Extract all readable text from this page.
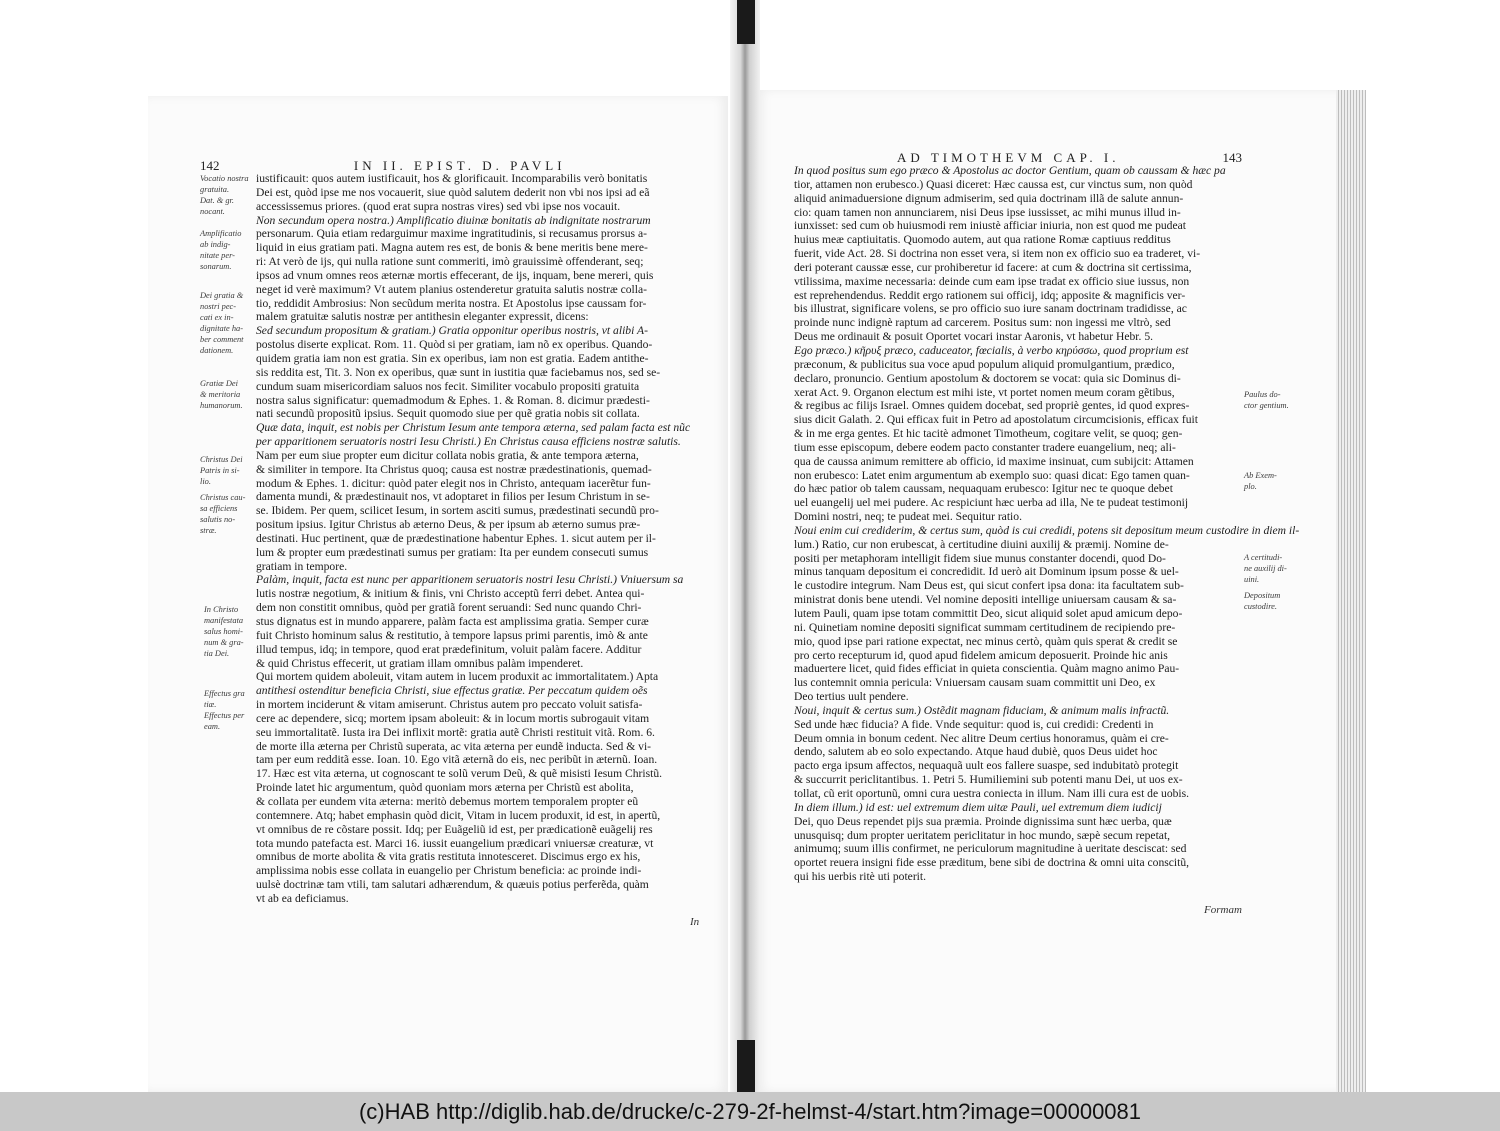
142	IN II. EPIST. D. PAVLI
AD TIMOTHEVM CAP. I.	143
iustificauit: quos autem iustificauit, hos & glorificauit. Incomparabilis verò bonitatis
Dei est, quòd ipse me nos vocauerit, siue quòd salutem dederit non vbi nos ipsi ad eã
accessissemus priores. (quod erat supra nostras vires) sed vbi ipse nos vocauit.
Non secundum opera nostra.) Amplificatio diuinæ bonitatis ab indignitate nostrarum
personarum. Quia etiam redarguimur maxime ingratitudinis, si recusamus prorsus a-
liquid in eius gratiam pati. Magna autem res est, de bonis & bene meritis bene mere-
ri: At verò de ijs, qui nulla ratione sunt commeriti, imò grauissimè offenderant, seq;
ipsos ad vnum omnes reos æternæ mortis effecerant, de ijs, inquam, bene mereri, quis
neget id verè maximum? Vt autem planius ostenderetur gratuita salutis nostræ colla-
tio, reddidit Ambrosius: Non secũdum merita nostra. Et Apostolus ipse caussam for-
malem gratuitæ salutis nostræ per antithesin eleganter expressit, dicens:
Sed secundum propositum & gratiam.) Gratia opponitur operibus nostris, vt alibi A-
postolus diserte explicat. Rom. 11. Quòd si per gratiam, iam nõ ex operibus. Quando-
quidem gratia iam non est gratia. Sin ex operibus, iam non est gratia. Eadem antithe-
sis reddita est, Tit. 3. Non ex operibus, quæ sunt in iustitia quæ faciebamus nos, sed se-
cundum suam misericordiam saluos nos fecit. Similiter vocabulo propositi gratuita
nostra salus significatur: quemadmodum & Ephes. 1. & Roman. 8. dicimur prædesti-
nati secundũ propositũ ipsius. Sequit quomodo siue per quẽ gratia nobis sit collata.
Quæ data, inquit, est nobis per Christum Iesum ante tempora æterna, sed palam facta est nũc
per apparitionem seruatoris nostri Iesu Christi.) En Christus causa efficiens nostræ salutis.
Nam per eum siue propter eum dicitur collata nobis gratia, & ante tempora æterna,
& similiter in tempore. Ita Christus quoq; causa est nostræ prædestinationis, quemad-
modum & Ephes. 1. dicitur: quòd pater elegit nos in Christo, antequam iacerẽtur fun-
damenta mundi, & prædestinauit nos, vt adoptaret in filios per Iesum Christum in se-
se. Ibidem. Per quem, scilicet Iesum, in sortem asciti sumus, prædestinati secundũ pro-
positum ipsius. Igitur Christus ab æterno Deus, & per ipsum ab æterno sumus præ-
destinati. Huc pertinent, quæ de prædestinatione habentur Ephes. 1. sicut autem per il-
lum & propter eum prædestinati sumus per gratiam: Ita per eundem consecuti sumus
gratiam in tempore.
Palàm, inquit, facta est nunc per apparitionem seruatoris nostri Iesu Christi.) Vniuersum sa
lutis nostræ negotium, & initium & finis, vni Christo acceptũ ferri debet. Antea qui-
dem non constitit omnibus, quòd per gratiã forent seruandi: Sed nunc quando Chri-
stus dignatus est in mundo apparere, palàm facta est amplissima gratia. Semper curæ
fuit Christo hominum salus & restitutio, à tempore lapsus primi parentis, imò & ante
illud tempus, idq; in tempore, quod erat prædefinitum, voluit palàm facere. Additur
& quid Christus effecerit, ut gratiam illam omnibus palàm impenderet.
Qui mortem quidem aboleuit, vitam autem in lucem produxit ac immortalitatem.) Apta
antithesi ostenditur beneficia Christi, siue effectus gratiæ. Per peccatum quidem oẽs
in mortem inciderunt & vitam amiserunt. Christus autem pro peccato voluit satisfa-
cere ac dependere, sicq; mortem ipsam aboleuit: & in locum mortis subrogauit vitam
seu immortalitatẽ. Iusta ira Dei inflixit mortẽ: gratia autẽ Christi restituit vitã. Rom. 6.
de morte illa æterna per Christũ superata, ac vita æterna per eundẽ inducta. Sed & vi-
tam per eum redditã esse. Ioan. 10. Ego vitã æternã do eis, nec peribũt in æternũ. Ioan.
17. Hæc est vita æterna, ut cognoscant te solũ verum Deũ, & quẽ misisti Iesum Christũ.
Proinde latet hic argumentum, quòd quoniam mors æterna per Christũ est abolita,
& collata per eundem vita æterna: meritò debemus mortem temporalem propter eũ
contemnere. Atq; habet emphasin quòd dicit, Vitam in lucem produxit, id est, in apertũ,
vt omnibus de re cõstare possit. Idq; per Euãgeliũ id est, per prædicationẽ euãgelij res
tota mundo patefacta est. Marci 16. iussit euangelium prædicari vniuersæ creaturæ, vt
omnibus de morte abolita & vita gratis restituta innotesceret. Discimus ergo ex his,
amplissima nobis esse collata in euangelio per Christum beneficia: ac proinde indi-
uulsè doctrinæ tam vtili, tam salutari adhærendum, & quæuis potius perferẽda, quàm
vt ab ea deficiamus.
In quod positus sum ego præco & Apostolus ac doctor Gentium, quam ob caussam & hæc pa
tior, attamen non erubesco.) Quasi diceret: Hæc caussa est, cur vinctus sum, non quòd
aliquid animaduersione dignum admiserim, sed quia doctrinam illã de salute annun-
cio: quam tamen non annunciarem, nisi Deus ipse iussisset, ac mihi munus illud in-
iunxisset: sed cum ob huiusmodi rem iniustè afficiar iniuria, non est quod me pudeat
huius meæ captiuitatis. Quomodo autem, aut qua ratione Romæ captiuus redditus
fuerit, vide Act. 28. Si doctrina non esset vera, si item non ex officio suo ea traderet, vi-
deri poterant caussæ esse, cur prohiberetur id facere: at cum & doctrina sit certissima,
vtilissima, maxime necessaria: deinde cum eam ipse tradat ex officio siue iussus, non
est reprehendendus. Reddit ergo rationem sui officij, idq; apposite & magnificis ver-
bis illustrat, significare volens, se pro officio suo iure sanam doctrinam tradidisse, ac
proinde nunc indignè raptum ad carcerem. Positus sum: non ingessi me vltrò, sed
Deus me ordinauit & posuit Oportet vocari instar Aaronis, vt habetur Hebr. 5.
Ego præco.) κῆρυξ præco, caduceator, fœcialis, à verbo κηρύσσω, quod proprium est
præconum, & publicitus sua voce apud populum aliquid promulgantium, prædico,
declaro, pronuncio. Gentium apostolum & doctorem se vocat: quia sic Dominus di-
xerat Act. 9. Organon electum est mihi iste, vt portet nomen meum coram gẽtibus,
& regibus ac filijs Israel. Omnes quidem docebat, sed propriè gentes, id quod expres-
sius dicit Galath. 2. Qui efficax fuit in Petro ad apostolatum circumcisionis, efficax fuit
& in me erga gentes. Et hic tacitè admonet Timotheum, cogitare velit, se quoq; gen-
tium esse episcopum, debere eodem pacto constanter tradere euangelium, neq; ali-
qua de caussa animum remittere ab officio, id maxime insinuat, cum subijcit: Attamen
non erubesco: Latet enim argumentum ab exemplo suo: quasi dicat: Ego tamen quan-
do hæc patior ob talem caussam, nequaquam erubesco: Igitur nec te quoque debet
uel euangelij uel mei pudere. Ac respiciunt hæc uerba ad illa, Ne te pudeat testimonij
Domini nostri, neq; te pudeat mei. Sequitur ratio.
Noui enim cui crediderim, & certus sum, quòd is cui credidi, potens sit depositum meum custodire in diem il-
lum.) Ratio, cur non erubescat, à certitudine diuini auxilij & præmij. Nomine de-
positi per metaphoram intelligit fidem siue munus constanter docendi, quod Do-
minus tanquam depositum ei concredidit. Id uerò ait Dominum ipsum posse & uel-
le custodire integrum. Nam Deus est, qui sicut confert ipsa dona: ita facultatem sub-
ministrat donis bene utendi. Vel nomine depositi intellige uniuersam causam & sa-
lutem Pauli, quam ipse totam committit Deo, sicut aliquid solet apud amicum depo-
ni. Quinetiam nomine depositi significat summam certitudinem de recipiendo pre-
mio, quod ipse pari ratione expectat, nec minus certò, quàm quis sperat & credit se
pro certo recepturum id, quod apud fidelem amicum deposuerit. Proinde hic anis
maduertere licet, quid fides efficiat in quieta conscientia. Quàm magno animo Pau-
lus contemnit omnia pericula: Vniuersam causam suam committit uni Deo, ex
Deo tertius uult pendere.
Noui, inquit & certus sum.) Ostẽdit magnam fiduciam, & animum malis infractũ.
Sed unde hæc fiducia? A fide. Vnde sequitur: quod is, cui credidi: Credenti in
Deum omnia in bonum cedent. Nec alitre Deum certius honoramus, quàm ei cre-
dendo, salutem ab eo solo expectando. Atque haud dubiè, quos Deus uidet hoc
pacto erga ipsum affectos, nequaquã uult eos fallere suaspe, sed indubitatò protegit
& succurrit periclitantibus. 1. Petri 5. Humiliemini sub potenti manu Dei, ut uos ex-
tollat, cũ erit oportunũ, omni cura uestra coniecta in illum. Nam illi cura est de uobis.
In diem illum.) id est: uel extremum diem uitæ Pauli, uel extremum diem iudicij
Dei, quo Deus rependet pijs sua præmia. Proinde dignissima sunt hæc uerba, quæ
unusquisq; dum propter ueritatem periclitatur in hoc mundo, sæpè secum repetat,
animumq; suum illis confirmet, ne periculorum magnitudine à ueritate desciscat: sed
oportet reuera insigni fide esse præditum, bene sibi de doctrina & omni uita conscitũ,
qui his uerbis ritè uti poterit.
Vocatio nostra
gratuita.
Dat. & gr.
nocant.
Amplificatio
ab indig-
nitate per-
sonarum.
Dei gratia &
nostri pec-
cati ex in-
dignitate ha-
ber comment
dationem.
Gratiæ Dei
& meritoria
humanorum.
Christus Dei
Patris in si-
lio.
Christus cau-
sa efficiens
salutis no-
stræ.
In Christo
manifestata
salus homi-
num & gra-
tia Dei.
Effectus gra
tiæ.
Effectus per
eam.
Paulus do-
ctor gentium.
Ab Exem-
plo.
A certitudi-
ne auxilij di-
uini.
Depositum
custodire.
In
Formam
(c)HAB http://diglib.hab.de/drucke/c-279-2f-helmst-4/start.htm?image=00000081
